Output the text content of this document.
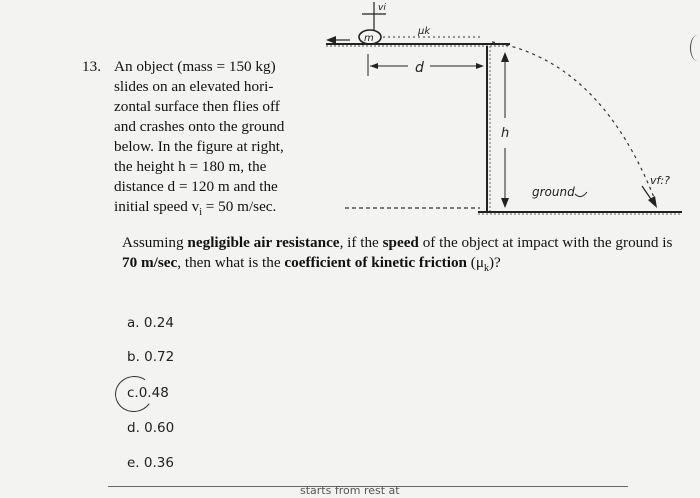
13. An object (mass = 150 kg)
slides on an elevated hori-
zontal surface then flies off
and crashes onto the ground
below. In the figure at right,
the height h = 180 m, the
distance d = 120 m and the
initial speed $v_i = 50$ m/sec.
m
vi
μk
d
h
ground
vf:?
Assuming negligible air resistance, if the speed of the object at impact with the ground is 70 m/sec, then what is the coefficient of kinetic friction $(\mu_k)$?
a. 0.24
b. 0.72
c.0.48
d. 0.60
e. 0.36
starts from rest at
